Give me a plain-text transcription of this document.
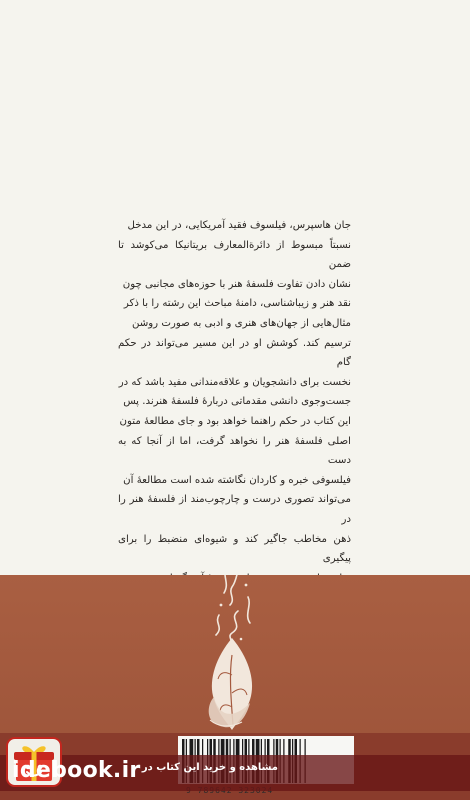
جان هاسپرس، فیلسوف فقید آمریکایی، در این مدخل
نسبتاً مبسوط از دائرةالمعارف بریتانیکا می‌کوشد تا ضمن
نشان دادن تفاوت فلسفهٔ هنر با حوزه‌های مجانبی چون
نقد هنر و زیباشناسی، دامنهٔ مباحث این رشته را با ذکر
مثال‌هایی از جهان‌های هنری و ادبی به صورت روشن
ترسیم کند. کوشش او در این مسیر می‌تواند در حکم گام
نخست برای دانشجویان و علاقه‌مندانی مفید باشد که در
جست‌وجوی دانشی مقدماتی دربارهٔ فلسفهٔ هنرند. پس
این کتاب در حکم راهنما خواهد بود و جای مطالعهٔ متون
اصلی فلسفهٔ هنر را نخواهد گرفت، اما از آنجا که به دست
فیلسوفی خبره و کاردان نگاشته شده است مطالعهٔ آن
می‌تواند تصوری درست و چارچوب‌مند از فلسفهٔ هنر را در
ذهن مخاطب جاگیر کند و شیوه‌ای منضبط را برای پیگیری
idebook.ir مشاهده و خرید این کتاب در
